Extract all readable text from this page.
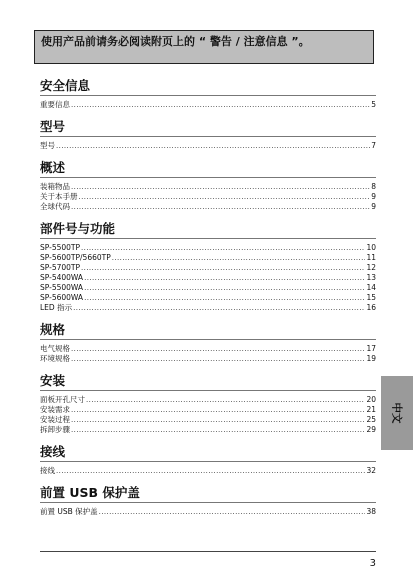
使用产品前请务必阅读附页上的 “ 警告 / 注意信息 ”。
安全信息
重要信息 .....	5
型号
型号 .....	7
概述
装箱物品 .....	8
关于本手册 .....	9
全球代码 .....	9
部件号与功能
SP-5500TP .....	10
SP-5600TP/5660TP .....	11
SP-5700TP .....	12
SP-5400WA .....	13
SP-5500WA .....	14
SP-5600WA .....	15
LED 指示 .....	16
规格
电气规格 .....	17
环境规格 .....	19
安装
面板开孔尺寸 .....	20
安装需求 .....	21
安装过程 .....	25
拆卸步骤 .....	29
接线
接线 .....	32
前置 USB 保护盖
前置 USB 保护盖 .....	38
中文
3
